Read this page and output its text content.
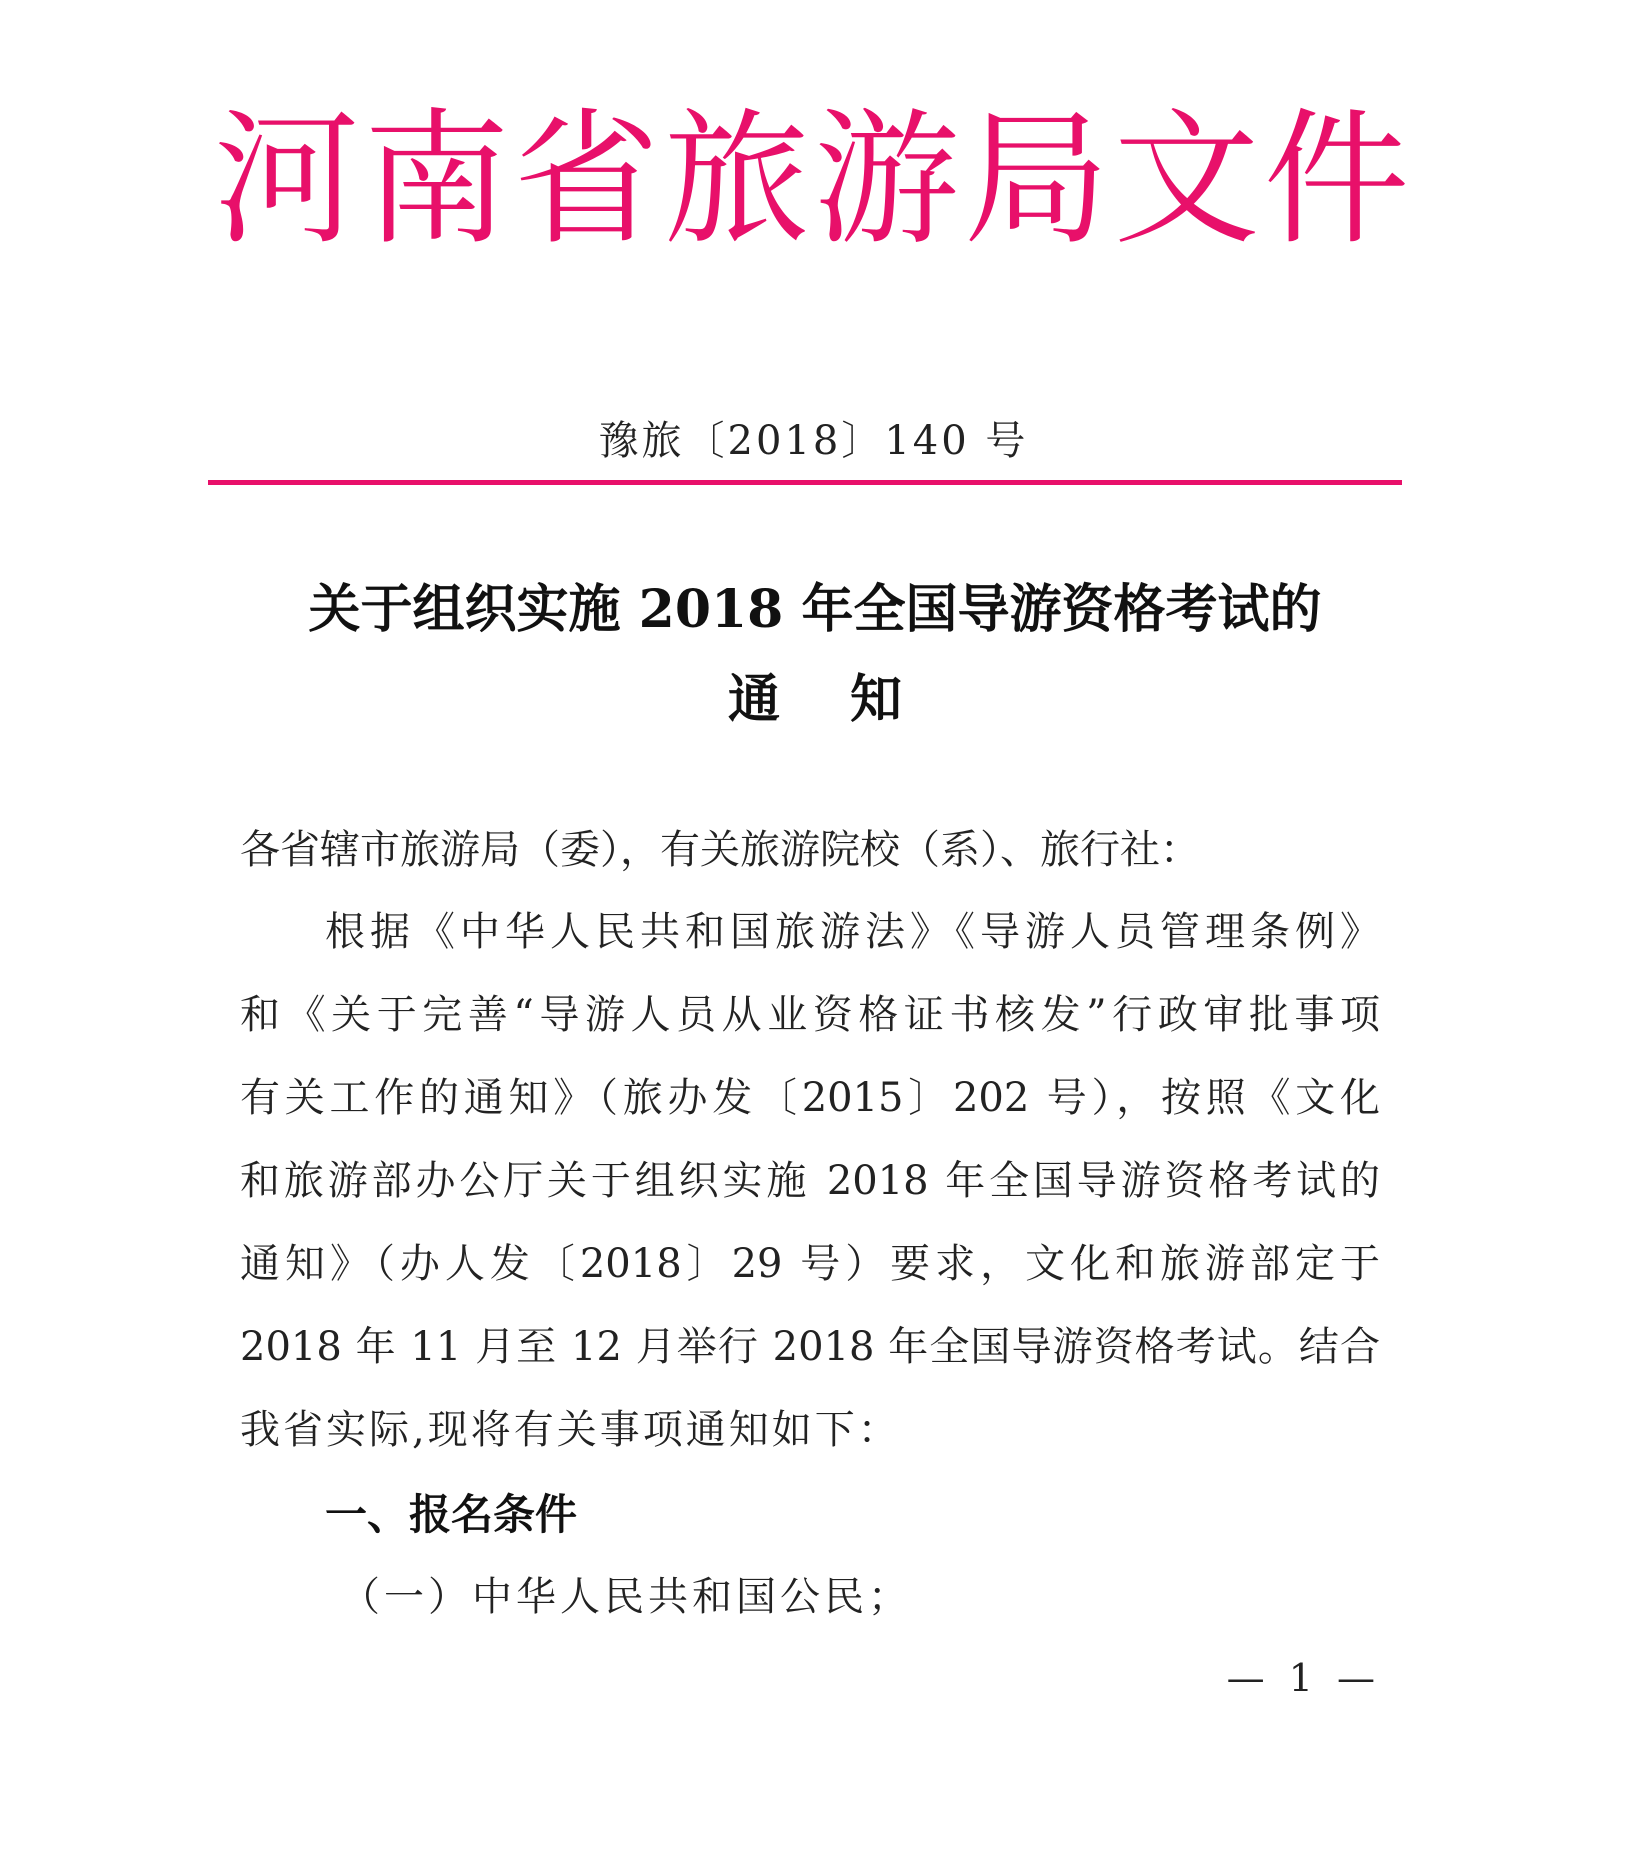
河南省旅游局文件
豫旅〔2018〕140 号
关于组织实施 2018 年全国导游资格考试的
通知
各省辖市旅游局（委），有关旅游院校（系）、旅行社：
根据《中华人民共和国旅游法》《导游人员管理条例》
和《关于完善“导游人员从业资格证书核发”行政审批事项
有关工作的通知》（旅办发〔2015〕202 号），按照《文化
和旅游部办公厅关于组织实施 2018 年全国导游资格考试的
通知》（办人发〔2018〕29 号）要求，文化和旅游部定于
2018 年 11 月至 12 月举行 2018 年全国导游资格考试。结合
我省实际,现将有关事项通知如下：
一、报名条件
（一）中华人民共和国公民；
— 1 —
